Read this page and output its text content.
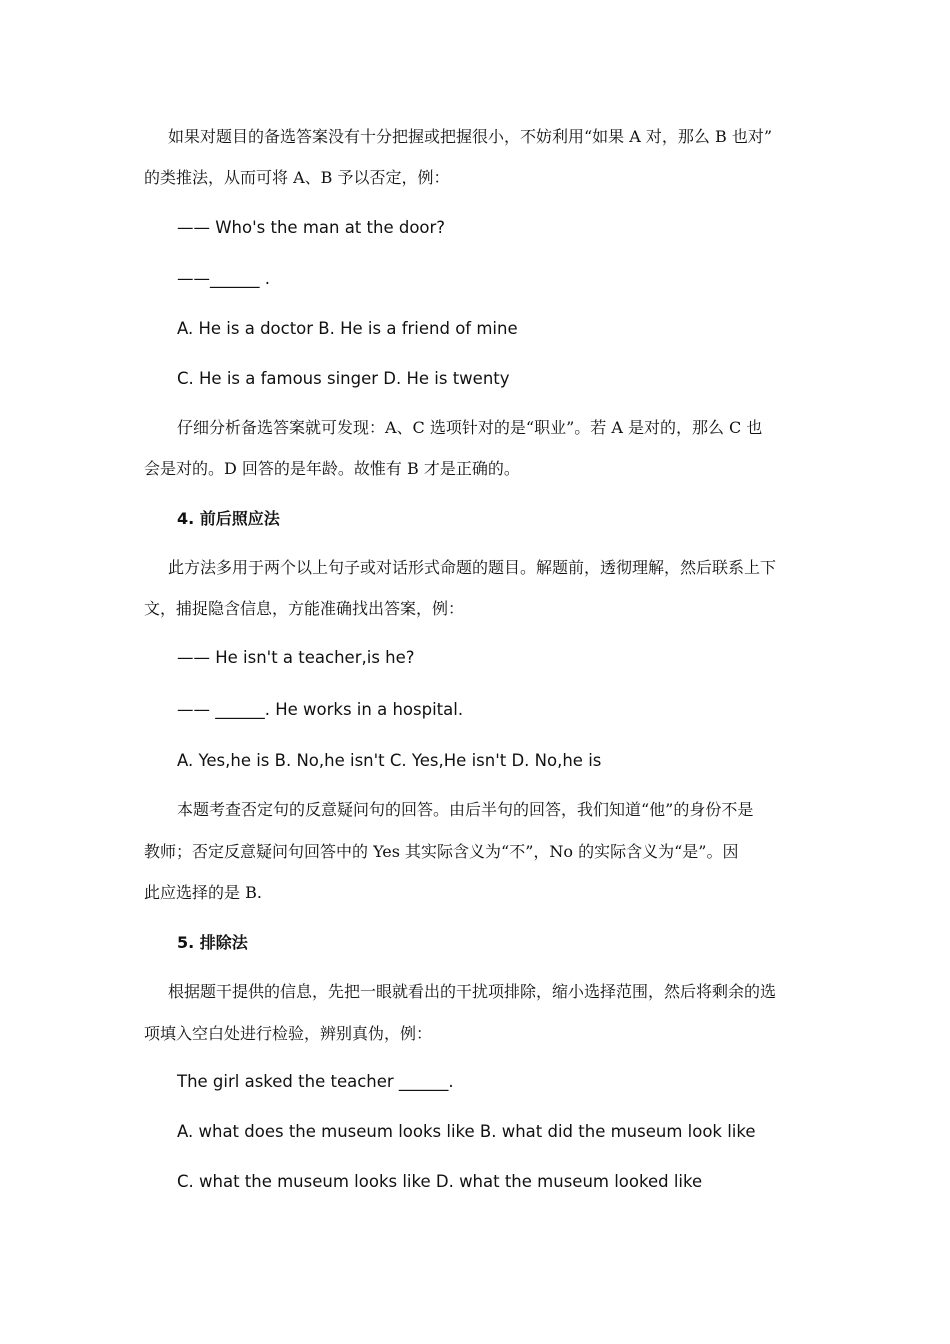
如果对题目的备选答案没有十分把握或把握很小，不妨利用“如果 A 对，那么 B 也对”
的类推法，从而可将 A、B 予以否定，例：
—— Who's the man at the door?
——______ .
A. He is a doctor B. He is a friend of mine
C. He is a famous singer D. He is twenty
仔细分析备选答案就可发现：A、C 选项针对的是“职业”。若 A 是对的，那么 C 也
会是对的。D 回答的是年龄。故惟有 B 才是正确的。
4. 前后照应法
此方法多用于两个以上句子或对话形式命题的题目。解题前，透彻理解，然后联系上下
文，捕捉隐含信息，方能准确找出答案，例：
—— He isn't a teacher,is he?
—— ______. He works in a hospital.
A. Yes,he is B. No,he isn't C. Yes,He isn't D. No,he is
本题考查否定句的反意疑问句的回答。由后半句的回答，我们知道“他”的身份不是
教师；否定反意疑问句回答中的 Yes 其实际含义为“不”，No 的实际含义为“是”。因
此应选择的是 B.
5. 排除法
根据题干提供的信息，先把一眼就看出的干扰项排除，缩小选择范围，然后将剩余的选
项填入空白处进行检验，辨别真伪，例：
The girl asked the teacher ______.
A. what does the museum looks like B. what did the museum look like
C. what the museum looks like D. what the museum looked like
